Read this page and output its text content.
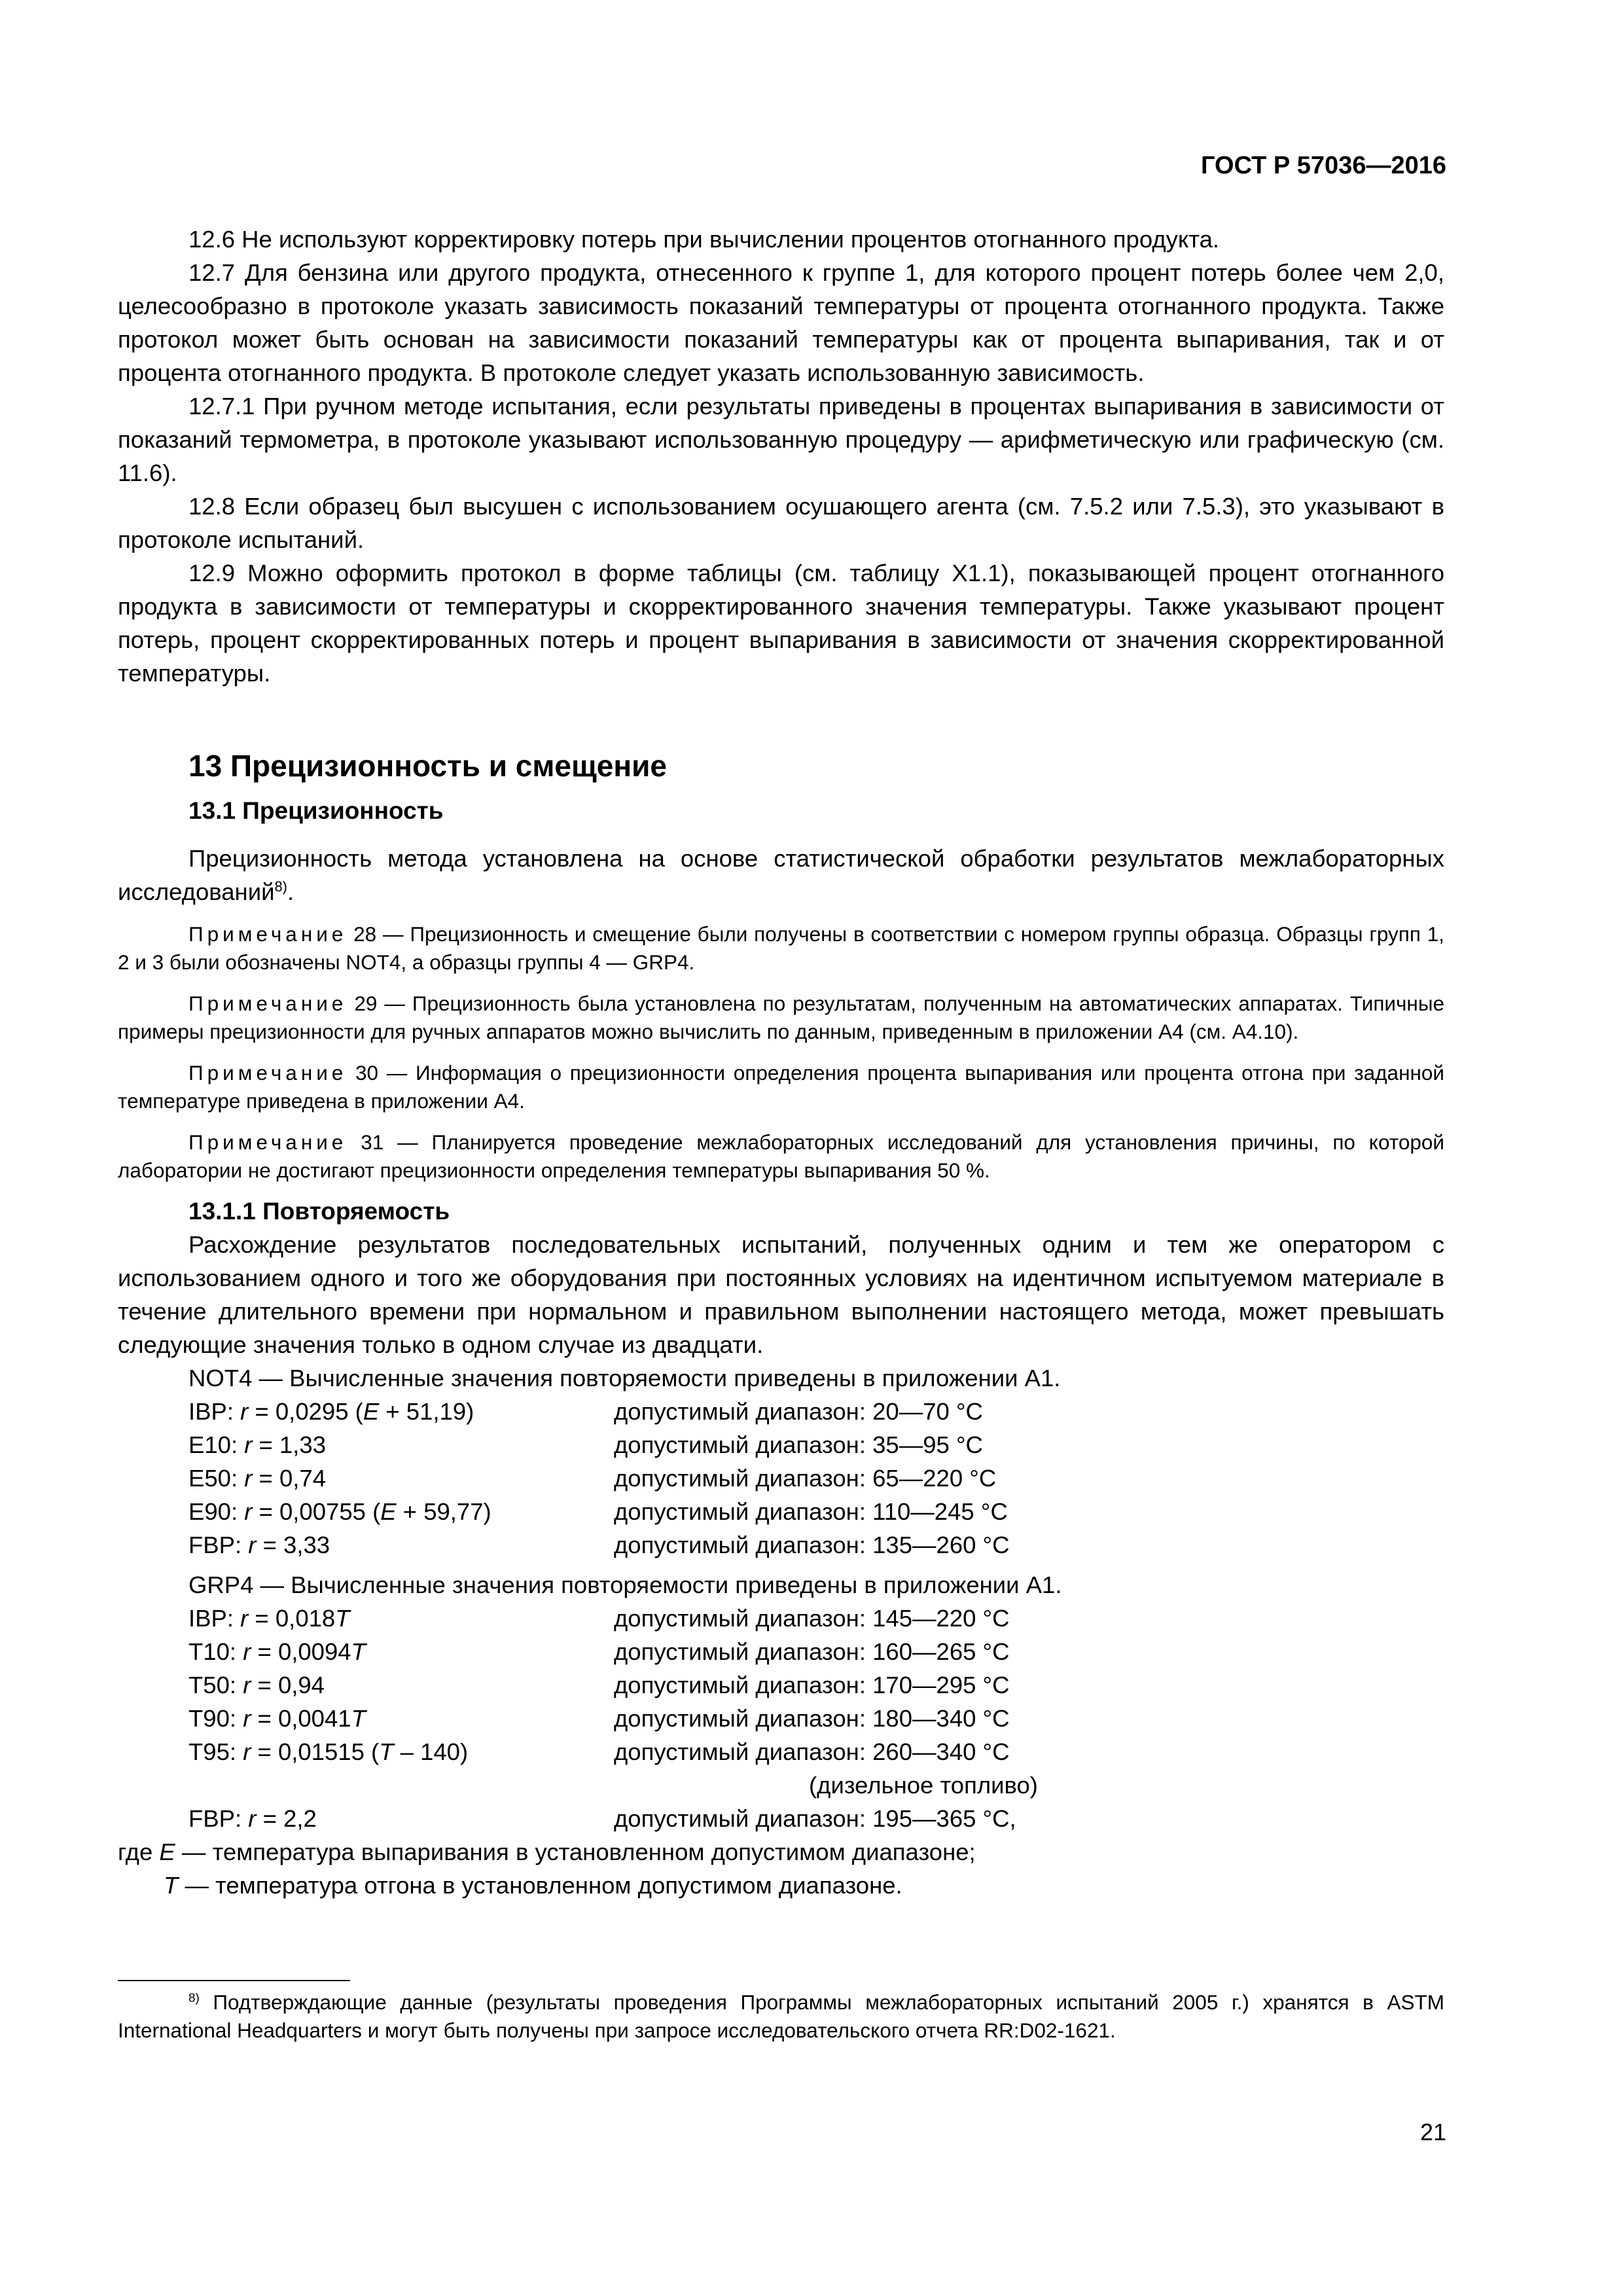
ГОСТ Р 57036—2016

12.6 Не используют корректировку потерь при вычислении процентов отогнанного продукта.

12.7 Для бензина или другого продукта, отнесенного к группе 1, для которого процент потерь более чем 2,0, целесообразно в протоколе указать зависимость показаний температуры от процента отогнанного продукта. Также протокол может быть основан на зависимости показаний температуры как от процента выпаривания, так и от процента отогнанного продукта. В протоколе следует указать использованную зависимость.

12.7.1 При ручном методе испытания, если результаты приведены в процентах выпаривания в зависимости от показаний термометра, в протоколе указывают использованную процедуру — арифметическую или графическую (см. 11.6).

12.8 Если образец был высушен с использованием осушающего агента (см. 7.5.2 или 7.5.3), это указывают в протоколе испытаний.

12.9 Можно оформить протокол в форме таблицы (см. таблицу X1.1), показывающей процент отогнанного продукта в зависимости от температуры и скорректированного значения температуры. Также указывают процент потерь, процент скорректированных потерь и процент выпаривания в зависимости от значения скорректированной температуры.

13 Прецизионность и смещение
13.1 Прецизионность

Прецизионность метода установлена на основе статистической обработки результатов межлабораторных исследований$^{8)}$.

Примечание 28 — Прецизионность и смещение были получены в соответствии с номером группы образца. Образцы групп 1, 2 и 3 были обозначены NOT4, а образцы группы 4 — GRP4.

Примечание 29 — Прецизионность была установлена по результатам, полученным на автоматических аппаратах. Типичные примеры прецизионности для ручных аппаратов можно вычислить по данным, приведенным в приложении А4 (см. А4.10).

Примечание 30 — Информация о прецизионности определения процента выпаривания или процента отгона при заданной температуре приведена в приложении А4.

Примечание 31 — Планируется проведение межлабораторных исследований для установления причины, по которой лаборатории не достигают прецизионности определения температуры выпаривания 50 %.

13.1.1 Повторяемость

Расхождение результатов последовательных испытаний, полученных одним и тем же оператором с использованием одного и того же оборудования при постоянных условиях на идентичном испытуемом материале в течение длительного времени при нормальном и правильном выполнении настоящего метода, может превышать следующие значения только в одном случае из двадцати.

NOT4 — Вычисленные значения повторяемости приведены в приложении А1.
IBP: r = 0,0295 (E + 51,19)	допустимый диапазон: 20—70 °С
E10: r = 1,33	допустимый диапазон: 35—95 °С
E50: r = 0,74	допустимый диапазон: 65—220 °С
E90: r = 0,00755 (E + 59,77)	допустимый диапазон: 110—245 °С
FBP: r = 3,33	допустимый диапазон: 135—260 °С
GRP4 — Вычисленные значения повторяемости приведены в приложении А1.
IBP: r = 0,018T	допустимый диапазон: 145—220 °С
T10: r = 0,0094T	допустимый диапазон: 160—265 °С
T50: r = 0,94	допустимый диапазон: 170—295 °С
T90: r = 0,0041T	допустимый диапазон: 180—340 °С
T95: r = 0,01515 (T – 140)	допустимый диапазон: 260—340 °С
(дизельное топливо)
FBP: r = 2,2	допустимый диапазон: 195—365 °С,
где E — температура выпаривания в установленном допустимом диапазоне;
T — температура отгона в установленном допустимом диапазоне.
$^{8)}$ Подтверждающие данные (результаты проведения Программы межлабораторных испытаний 2005 г.) хранятся в ASTM International Headquarters и могут быть получены при запросе исследовательского отчета RR:D02-1621.
21
